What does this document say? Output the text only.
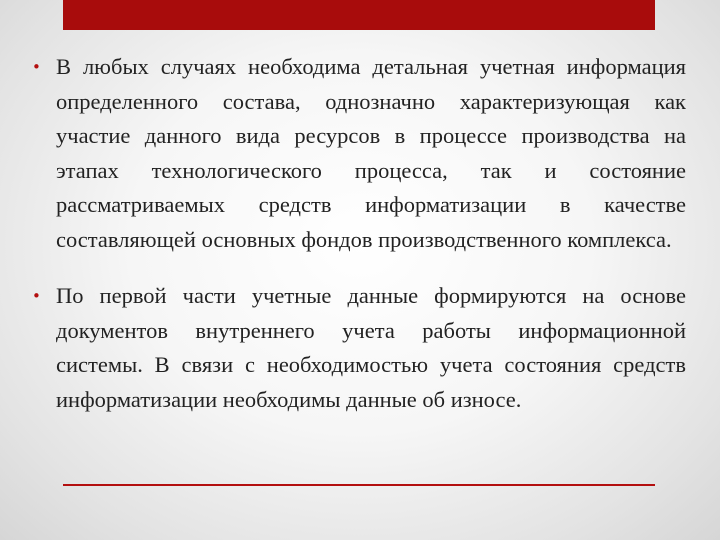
• В любых случаях необходима детальная учетная информация определенного состава, однозначно характеризующая как участие данного вида ресурсов в процессе производства на этапах технологического процесса, так и состояние рассматриваемых средств информатизации в качестве составляющей основных фондов производственного комплекса.

• По первой части учетные данные формируются на основе документов внутреннего учета работы информационной системы. В связи с необходимостью учета состояния средств информатизации необходимы данные об износе.
